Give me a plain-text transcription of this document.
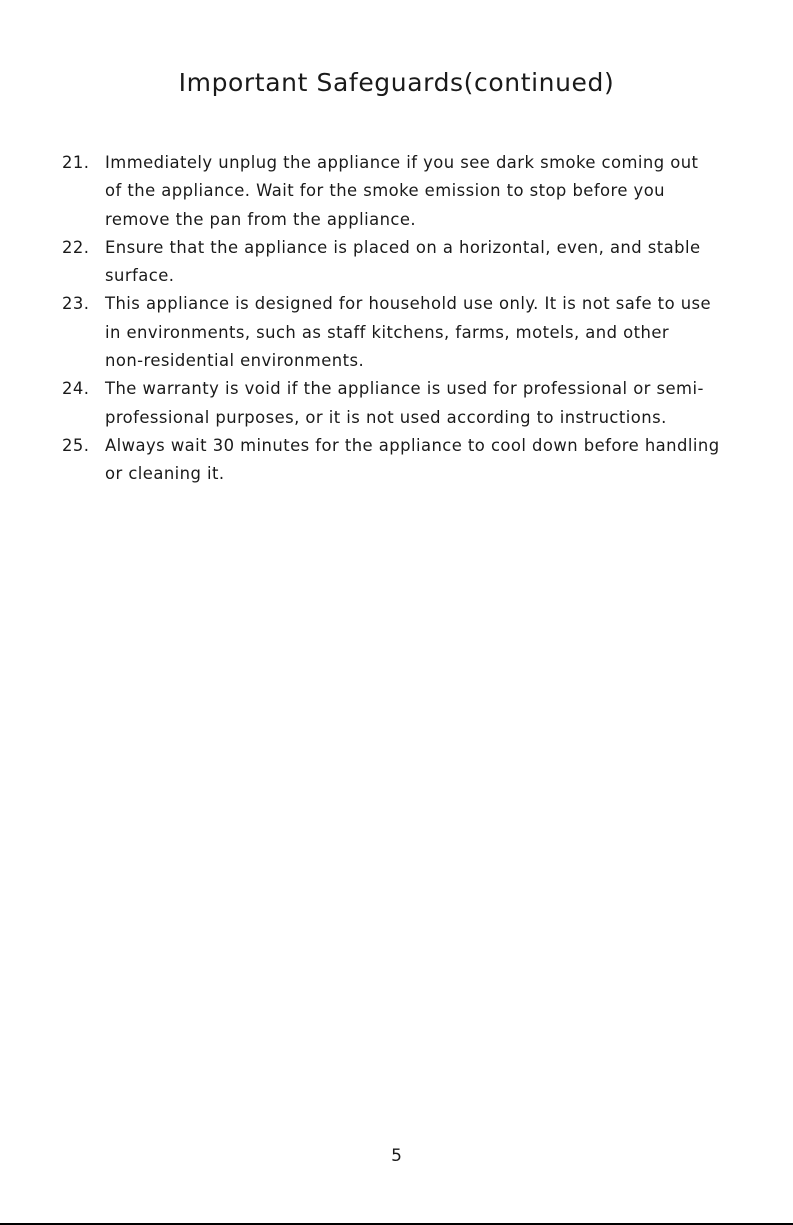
Important Safeguards(continued)
21. Immediately unplug the appliance if you see dark smoke coming out
of the appliance. Wait for the smoke emission to stop before you
remove the pan from the appliance.
22. Ensure that the appliance is placed on a horizontal, even, and stable
surface.
23. This appliance is designed for household use only. It is not safe to use
in environments, such as staff kitchens, farms, motels, and other
non-residential environments.
24. The warranty is void if the appliance is used for professional or semi-
professional purposes, or it is not used according to instructions.
25. Always wait 30 minutes for the appliance to cool down before handling
or cleaning it.
5
